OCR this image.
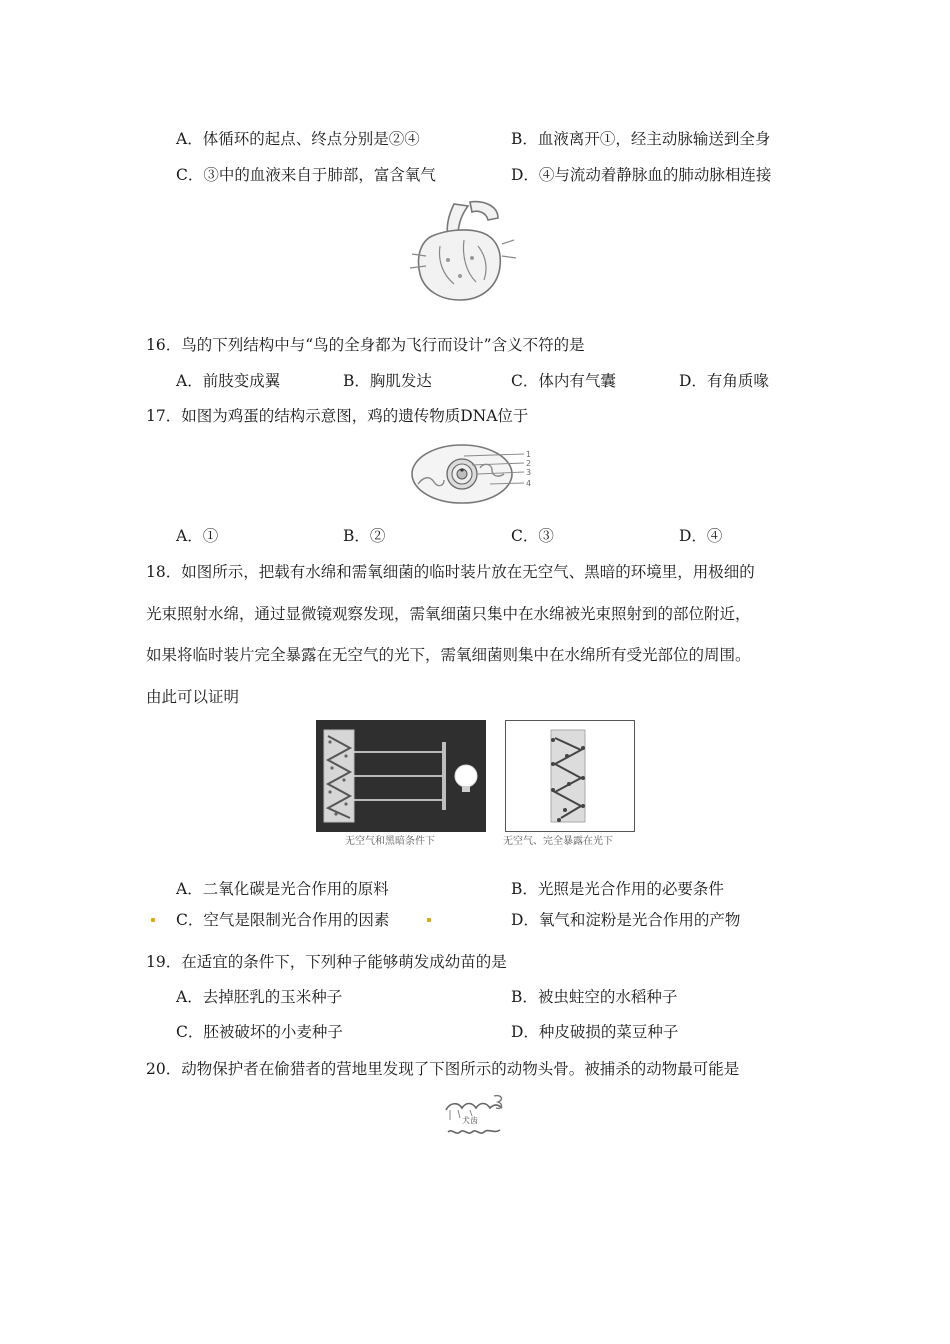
A．体循环的起点、终点分别是②④	B．血液离开①，经主动脉输送到全身
C．③中的血液来自于肺部，富含氧气	D．④与流动着静脉血的肺动脉相连接
16．鸟的下列结构中与“鸟的全身都为飞行而设计”含义不符的是
A．前肢变成翼	B．胸肌发达	C．体内有气囊	D．有角质喙
17．如图为鸡蛋的结构示意图，鸡的遗传物质DNA位于
1
2
3
4
A．①	B．②	C．③	D．④
18．如图所示，把载有水绵和需氧细菌的临时装片放在无空气、黑暗的环境里，用极细的
光束照射水绵，通过显微镜观察发现，需氧细菌只集中在水绵被光束照射到的部位附近，
如果将临时装片完全暴露在无空气的光下，需氧细菌则集中在水绵所有受光部位的周围。
由此可以证明
无空气和黑暗条件下	无空气、完全暴露在光下
A．二氧化碳是光合作用的原料	B．光照是光合作用的必要条件
C．空气是限制光合作用的因素	D．氧气和淀粉是光合作用的产物
19．在适宜的条件下，下列种子能够萌发成幼苗的是
A．去掉胚乳的玉米种子	B．被虫蛀空的水稻种子
C．胚被破坏的小麦种子	D．种皮破损的菜豆种子
20．动物保护者在偷猎者的营地里发现了下图所示的动物头骨。被捕杀的动物最可能是
犬齿
